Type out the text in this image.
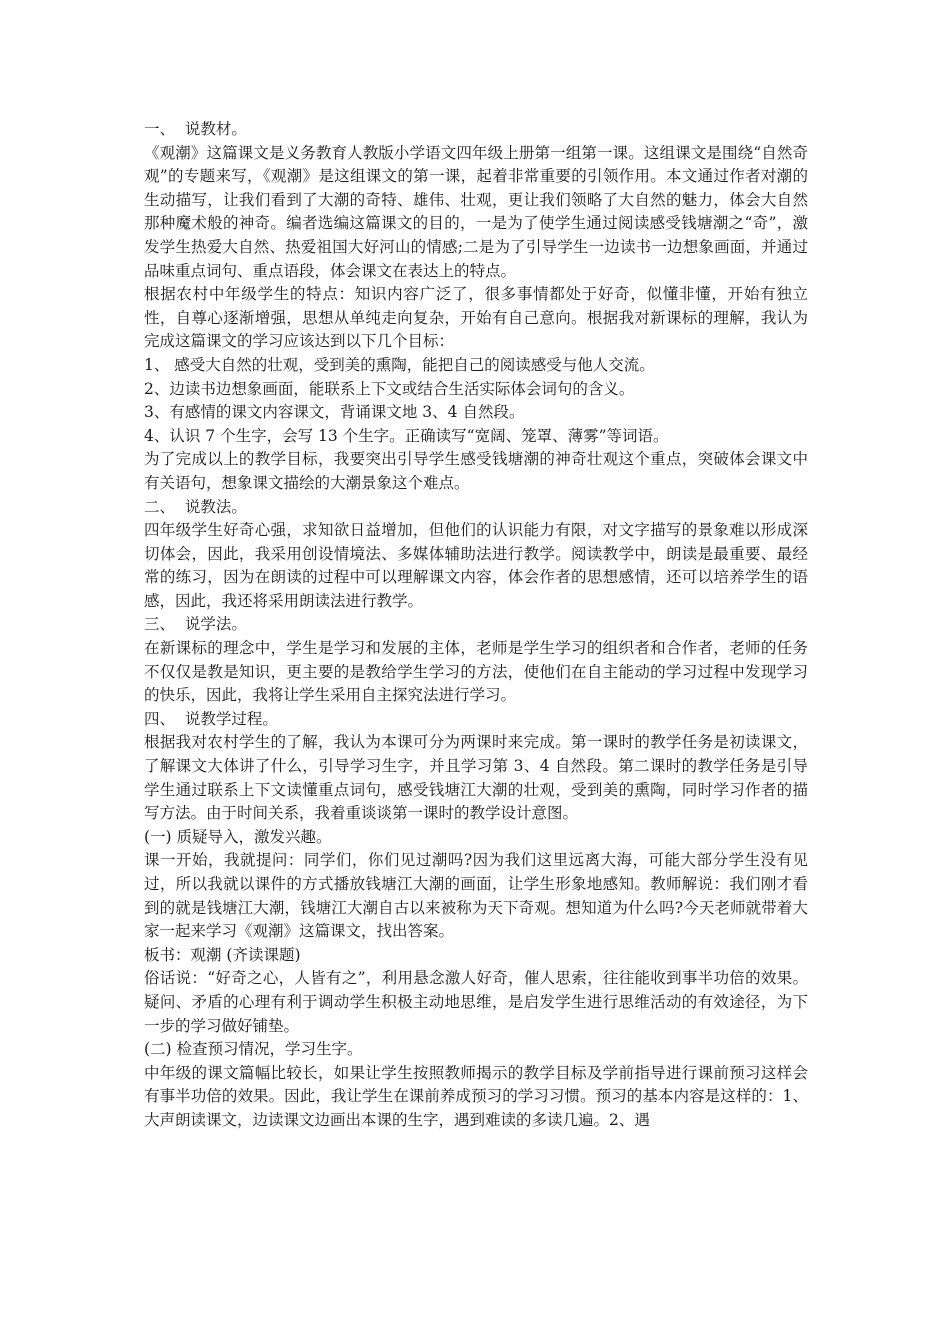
一、  说教材。

《观潮》这篇课文是义务教育人教版小学语文四年级上册第一组第一课。这组课文是围绕“自然奇观”的专题来写，《观潮》是这组课文的第一课，起着非常重要的引领作用。本文通过作者对潮的生动描写，让我们看到了大潮的奇特、雄伟、壮观，更让我们领略了大自然的魅力，体会大自然那种魔术般的神奇。编者选编这篇课文的目的，一是为了使学生通过阅读感受钱塘潮之“奇”，激发学生热爱大自然、热爱祖国大好河山的情感;二是为了引导学生一边读书一边想象画面，并通过品味重点词句、重点语段，体会课文在表达上的特点。

根据农村中年级学生的特点：知识内容广泛了，很多事情都处于好奇，似懂非懂，开始有独立性，自尊心逐渐增强，思想从单纯走向复杂，开始有自己意向。根据我对新课标的理解，我认为完成这篇课文的学习应该达到以下几个目标：

1、 感受大自然的壮观，受到美的熏陶，能把自己的阅读感受与他人交流。

2、边读书边想象画面，能联系上下文或结合生活实际体会词句的含义。

3、有感情的课文内容课文，背诵课文地 3、4 自然段。

4、认识 7 个生字，会写 13 个生字。正确读写“宽阔、笼罩、薄雾”等词语。

为了完成以上的教学目标，我要突出引导学生感受钱塘潮的神奇壮观这个重点，突破体会课文中有关语句，想象课文描绘的大潮景象这个难点。

二、  说教法。

四年级学生好奇心强，求知欲日益增加，但他们的认识能力有限，对文字描写的景象难以形成深切体会，因此，我采用创设情境法、多媒体辅助法进行教学。阅读教学中，朗读是最重要、最经常的练习，因为在朗读的过程中可以理解课文内容，体会作者的思想感情，还可以培养学生的语感，因此，我还将采用朗读法进行教学。

三、  说学法。

在新课标的理念中，学生是学习和发展的主体，老师是学生学习的组织者和合作者，老师的任务不仅仅是教是知识，更主要的是教给学生学习的方法，使他们在自主能动的学习过程中发现学习的快乐，因此，我将让学生采用自主探究法进行学习。

四、  说教学过程。

根据我对农村学生的了解，我认为本课可分为两课时来完成。第一课时的教学任务是初读课文，了解课文大体讲了什么，引导学习生字，并且学习第 3、4 自然段。第二课时的教学任务是引导学生通过联系上下文读懂重点词句，感受钱塘江大潮的壮观，受到美的熏陶，同时学习作者的描写方法。由于时间关系，我着重谈谈第一课时的教学设计意图。

(一) 质疑导入，激发兴趣。

课一开始，我就提问：同学们，你们见过潮吗?因为我们这里远离大海，可能大部分学生没有见过，所以我就以课件的方式播放钱塘江大潮的画面，让学生形象地感知。教师解说：我们刚才看到的就是钱塘江大潮，钱塘江大潮自古以来被称为天下奇观。想知道为什么吗?今天老师就带着大家一起来学习《观潮》这篇课文，找出答案。

板书：观潮 (齐读课题)

俗话说：“好奇之心，人皆有之”，利用悬念激人好奇，催人思索，往往能收到事半功倍的效果。疑问、矛盾的心理有利于调动学生积极主动地思维，是启发学生进行思维活动的有效途径，为下一步的学习做好铺垫。

(二) 检查预习情况，学习生字。

中年级的课文篇幅比较长，如果让学生按照教师揭示的教学目标及学前指导进行课前预习这样会有事半功倍的效果。因此，我让学生在课前养成预习的学习习惯。预习的基本内容是这样的：1、大声朗读课文，边读课文边画出本课的生字，遇到难读的多读几遍。2、遇
